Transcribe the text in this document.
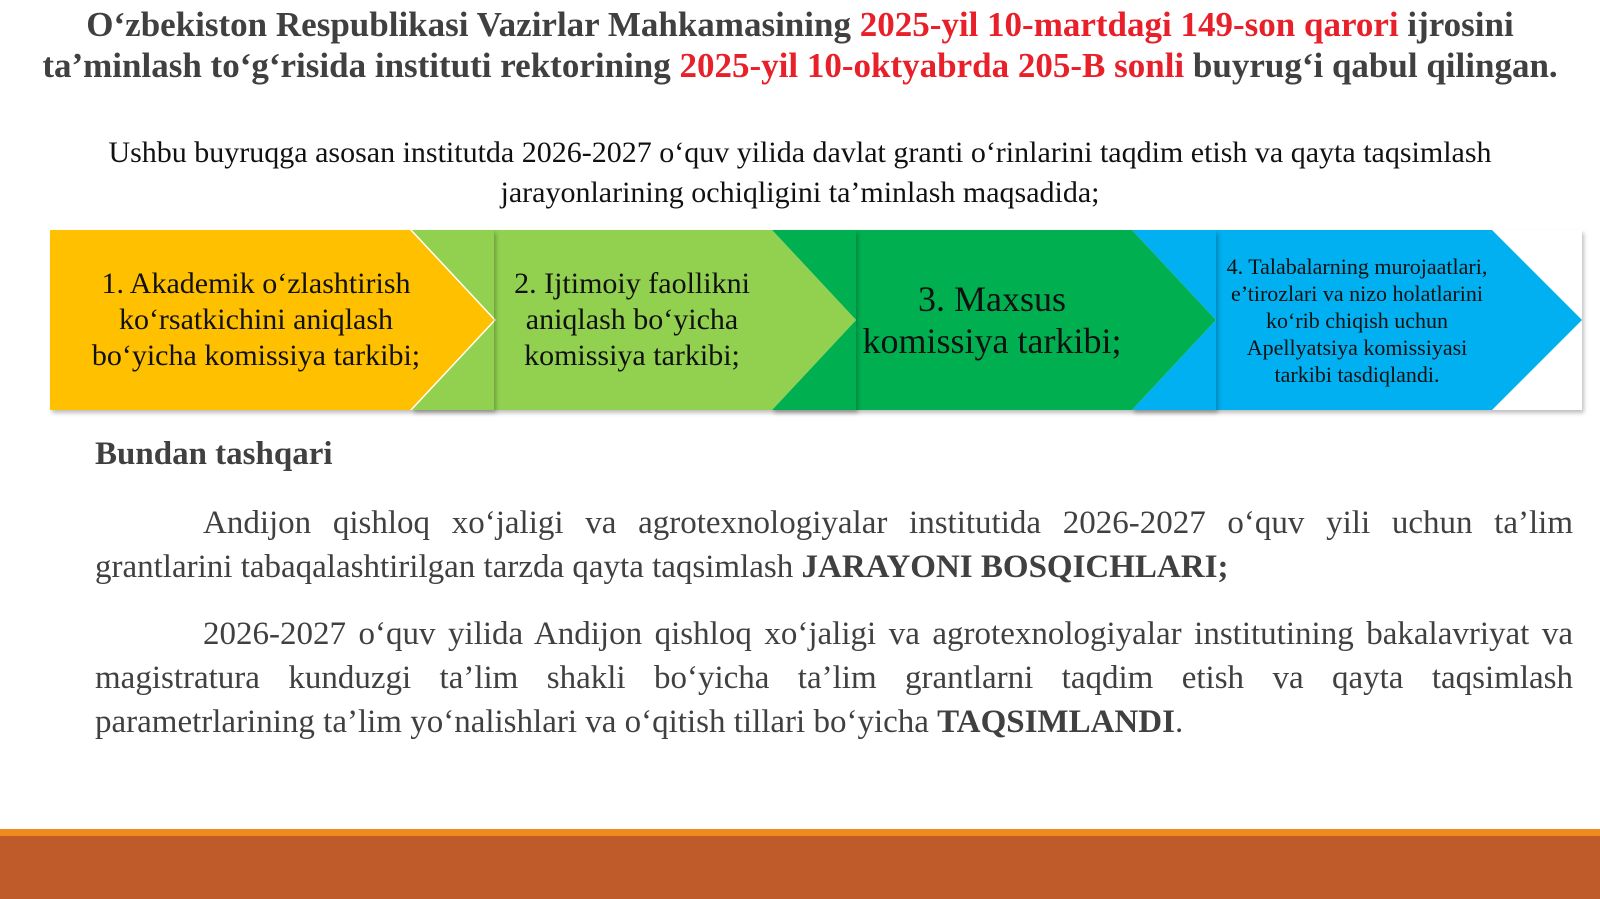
O‘zbekiston Respublikasi Vazirlar Mahkamasining 2025-yil 10-martdagi 149-son qarori ijrosini ta’minlash to‘g‘risida instituti rektorining 2025-yil 10-oktyabrda 205-B sonli buyrug‘i qabul qilingan.

Ushbu buyruqga asosan institutda 2026-2027 o‘quv yilida davlat granti o‘rinlarini taqdim etish va qayta taqsimlash jarayonlarining ochiqligini ta’minlash maqsadida;

1. Akademik o‘zlashtirish ko‘rsatkichini aniqlash bo‘yicha komissiya tarkibi;
2. Ijtimoiy faollikni aniqlash bo‘yicha komissiya tarkibi;
3. Maxsus komissiya tarkibi;
4. Talabalarning murojaatlari, e’tirozlari va nizo holatlarini ko‘rib chiqish uchun Apellyatsiya komissiyasi tarkibi tasdiqlandi.
Bundan tashqari

Andijon qishloq xo‘jaligi va agrotexnologiyalar institutida 2026-2027 o‘quv yili uchun ta’lim grantlarini tabaqalashtirilgan tarzda qayta taqsimlash JARAYONI BOSQICHLARI;

2026-2027 o‘quv yilida Andijon qishloq xo‘jaligi va agrotexnologiyalar institutining bakalavriyat va magistratura kunduzgi ta’lim shakli bo‘yicha ta’lim grantlarni taqdim etish va qayta taqsimlash parametrlarining ta’lim yo‘nalishlari va o‘qitish tillari bo‘yicha TAQSIMLANDI.
